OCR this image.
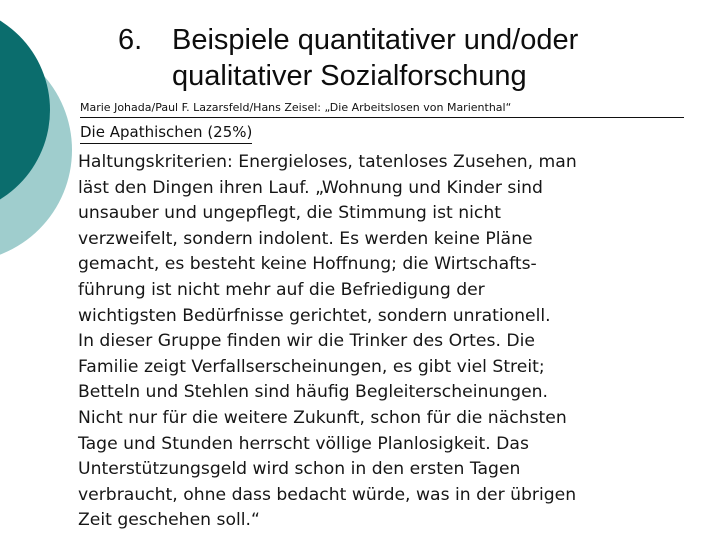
6. Beispiele quantitativer und/oder
qualitativer Sozialforschung
Marie Johada/Paul F. Lazarsfeld/Hans Zeisel: „Die Arbeitslosen von Marienthal“
Die Apathischen (25%)
Haltungskriterien: Energieloses, tatenloses Zusehen, man
läst den Dingen ihren Lauf. „Wohnung und Kinder sind
unsauber und ungepflegt, die Stimmung ist nicht
verzweifelt, sondern indolent. Es werden keine Pläne
gemacht, es besteht keine Hoffnung; die Wirtschafts-
führung ist nicht mehr auf die Befriedigung der
wichtigsten Bedürfnisse gerichtet, sondern unrationell.
In dieser Gruppe finden wir die Trinker des Ortes. Die
Familie zeigt Verfallserscheinungen, es gibt viel Streit;
Betteln und Stehlen sind häufig Begleiterscheinungen.
Nicht nur für die weitere Zukunft, schon für die nächsten
Tage und Stunden herrscht völlige Planlosigkeit. Das
Unterstützungsgeld wird schon in den ersten Tagen
verbraucht, ohne dass bedacht würde, was in der übrigen
Zeit geschehen soll.“
